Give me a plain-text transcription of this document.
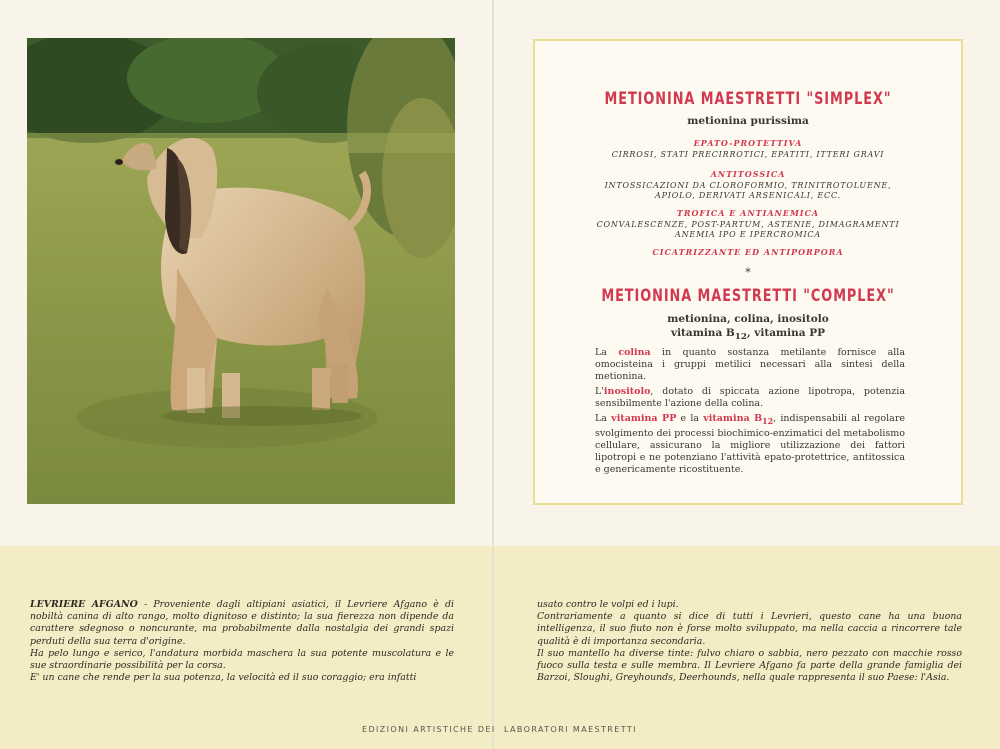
METIONINA MAESTRETTI "SIMPLEX"
metionina purissima
EPATO-PROTETTIVA
CIRROSI, STATI PRECIRROTICI, EPATITI, ITTERI GRAVI
ANTITOSSICA
INTOSSICAZIONI DA CLOROFORMIO, TRINITROTOLUENE,
APIOLO, DERIVATI ARSENICALI, ECC.
TROFICA E ANTIANEMICA
CONVALESCENZE, POST-PARTUM, ASTENIE, DIMAGRAMENTI
ANEMIA IPO E IPERCROMICA
CICATRIZZANTE ED ANTIPORPORA
*
METIONINA MAESTRETTI "COMPLEX"
metionina, colina, inositolo
vitamina $B_{12}$, vitamina PP

La colina in quanto sostanza metilante fornisce alla omocisteina i gruppi metilici necessari alla sintesi della metionina.

L'inositolo, dotato di spiccata azione lipotropa, potenzia sensibilmente l'azione della colina.

La vitamina PP e la vitamina $B_{12}$, indispensabili al regolare svolgimento dei processi biochimico-enzimatici del metabolismo cellulare, assicurano la migliore utilizzazione dei fattori lipotropi e ne potenziano l'attività epato-protettrice, antitossica e genericamente ricostituente.

LEVRIERE AFGANO - Proveniente dagli altipiani asiatici, il Levriere Afgano è di nobiltà canina di alto rango, molto dignitoso e distinto; la sua fierezza non dipende da carattere sdegnoso o noncurante, ma probabilmente dalla nostalgia dei grandi spazi perduti della sua terra d'origine.

Ha pelo lungo e serico, l'andatura morbida maschera la sua potente muscolatura e le sue straordinarie possibilità per la corsa.

E' un cane che rende per la sua potenza, la velocità ed il suo coraggio; era infatti

usato contro le volpi ed i lupi.

Contrariamente a quanto si dice di tutti i Levrieri, questo cane ha una buona intelligenza, il suo fiuto non è forse molto sviluppato, ma nella caccia a rincorrere tale qualità è di importanza secondaria.

Il suo mantello ha diverse tinte: fulvo chiaro o sabbia, nero pezzato con macchie rosso fuoco sulla testa e sulle membra. Il Levriere Afgano fa parte della grande famiglia dei Barzoi, Sloughi, Greyhounds, Deerhounds, nella quale rappresenta il suo Paese: l'Asia.

EDIZIONI ARTISTICHE DEI LABORATORI MAESTRETTI
